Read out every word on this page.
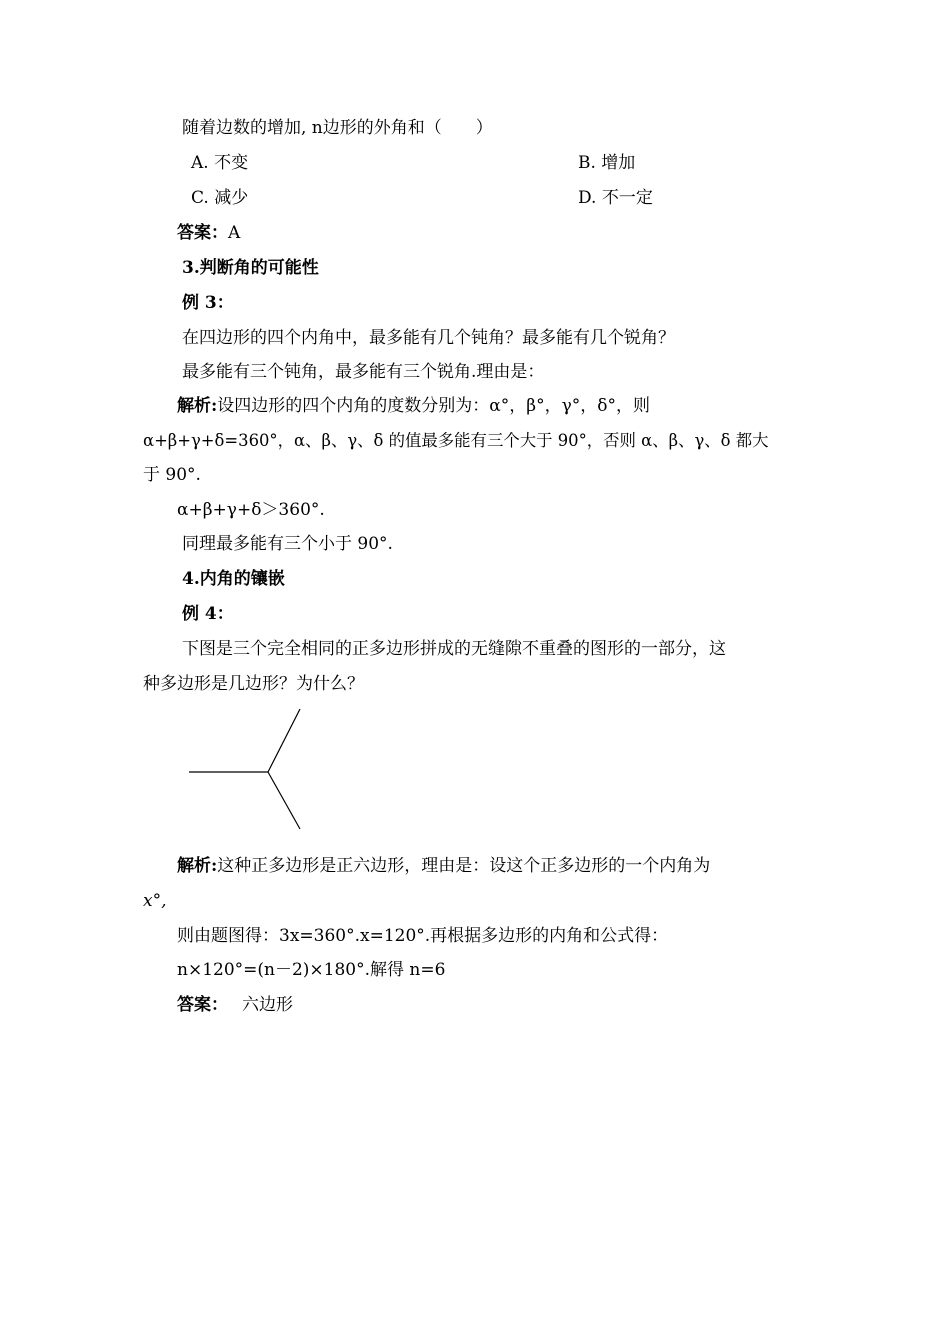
随着边数的增加, n边形的外角和（　　）
A. 不变	B. 增加
C. 减少	D. 不一定
答案：A
3.判断角的可能性
例 3：
在四边形的四个内角中，最多能有几个钝角？最多能有几个锐角？
最多能有三个钝角，最多能有三个锐角.理由是：
解析:设四边形的四个内角的度数分别为：α°，β°，γ°，δ°，则
α+β+γ+δ=360°，α、β、γ、δ 的值最多能有三个大于 90°，否则 α、β、γ、δ 都大
于 90°.
α+β+γ+δ＞360°.
同理最多能有三个小于 90°.
4.内角的镶嵌
例 4：
下图是三个完全相同的正多边形拼成的无缝隙不重叠的图形的一部分，这
种多边形是几边形？为什么？
解析:这种正多边形是正六边形，理由是：设这个正多边形的一个内角为
x°,
则由题图得：3x=360°.x=120°.再根据多边形的内角和公式得：
n×120°=(n－2)×180°.解得 n=6
答案： 六边形
